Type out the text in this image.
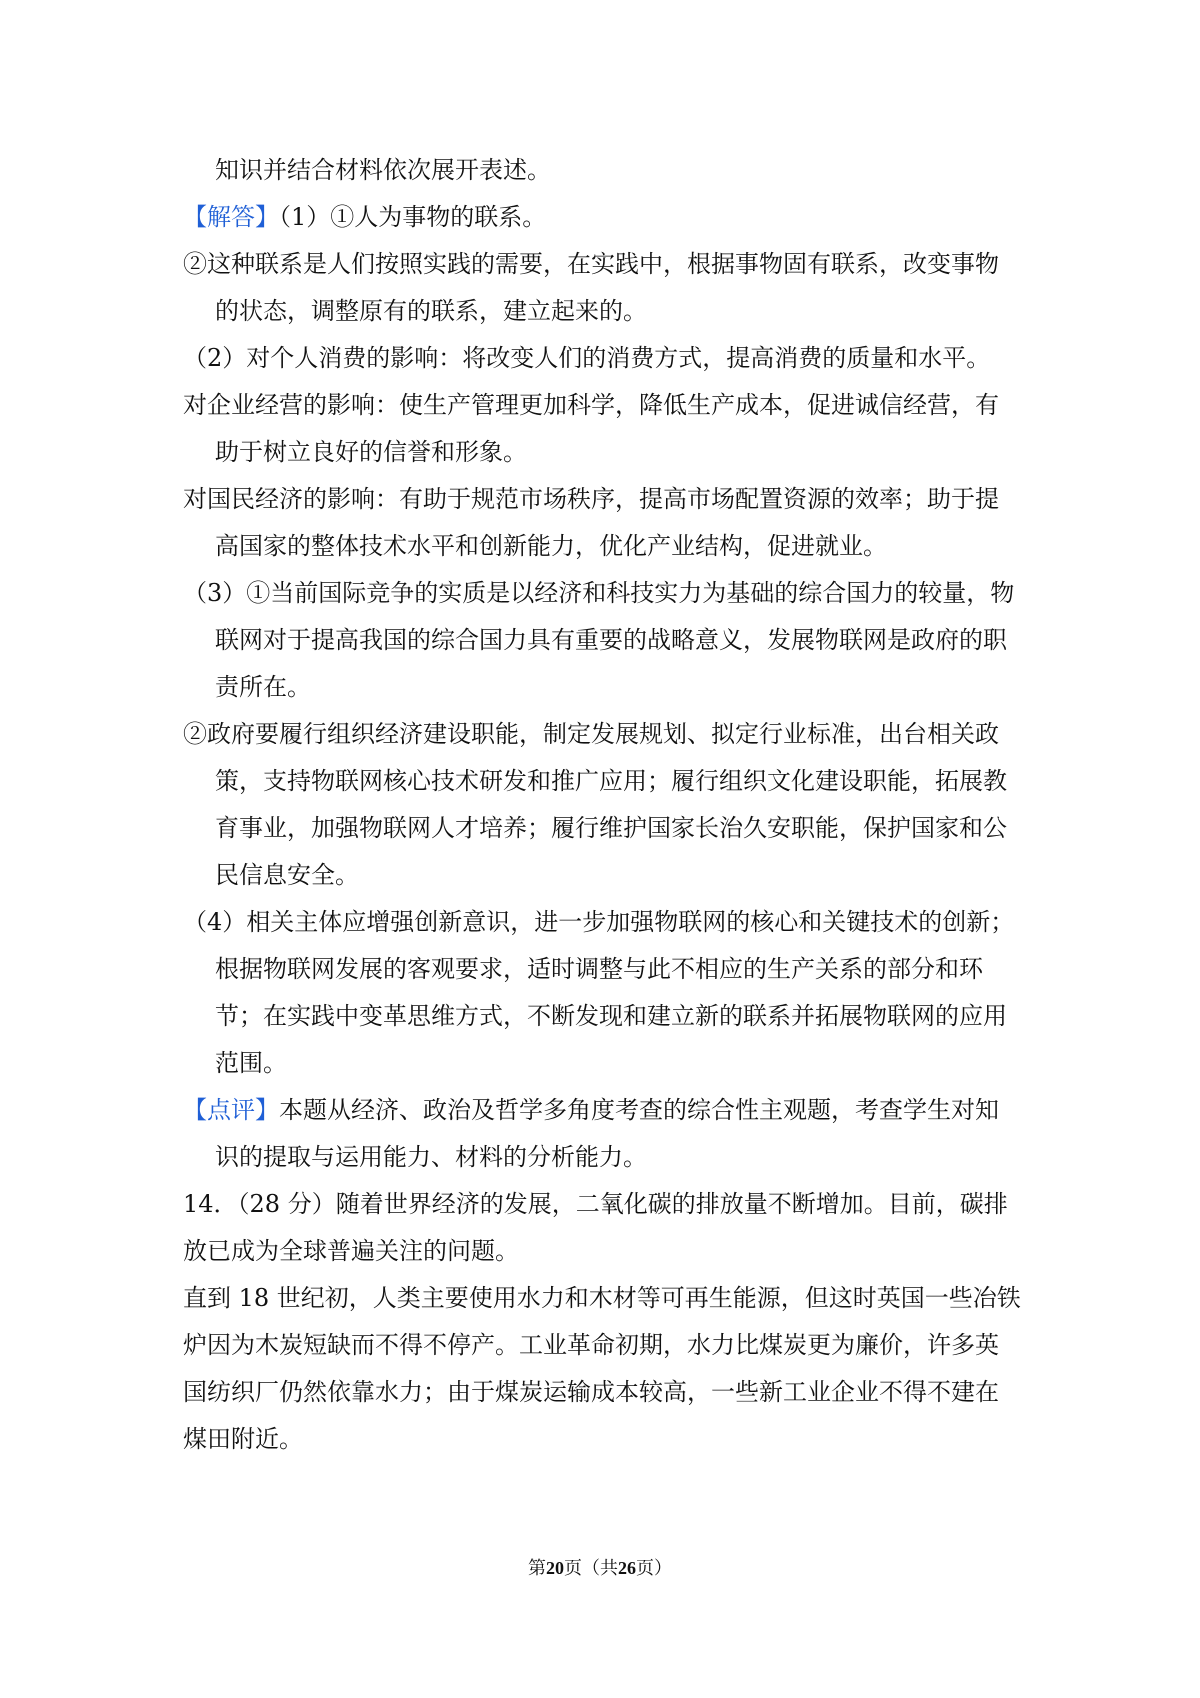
知识并结合材料依次展开表述。
【解答】（1）①人为事物的联系。
②这种联系是人们按照实践的需要，在实践中，根据事物固有联系，改变事物
的状态，调整原有的联系，建立起来的。
（2）对个人消费的影响：将改变人们的消费方式，提高消费的质量和水平。
对企业经营的影响：使生产管理更加科学，降低生产成本，促进诚信经营，有
助于树立良好的信誉和形象。
对国民经济的影响：有助于规范市场秩序，提高市场配置资源的效率；助于提
高国家的整体技术水平和创新能力，优化产业结构，促进就业。
（3）①当前国际竞争的实质是以经济和科技实力为基础的综合国力的较量，物
联网对于提高我国的综合国力具有重要的战略意义，发展物联网是政府的职
责所在。
②政府要履行组织经济建设职能，制定发展规划、拟定行业标准，出台相关政
策，支持物联网核心技术研发和推广应用；履行组织文化建设职能，拓展教
育事业，加强物联网人才培养；履行维护国家长治久安职能，保护国家和公
民信息安全。
（4）相关主体应增强创新意识，进一步加强物联网的核心和关键技术的创新；
根据物联网发展的客观要求，适时调整与此不相应的生产关系的部分和环
节；在实践中变革思维方式，不断发现和建立新的联系并拓展物联网的应用
范围。
【点评】本题从经济、政治及哲学多角度考查的综合性主观题，考查学生对知
识的提取与运用能力、材料的分析能力。
14．（28 分）随着世界经济的发展，二氧化碳的排放量不断增加。目前，碳排
放已成为全球普遍关注的问题。
直到 18 世纪初，人类主要使用水力和木材等可再生能源，但这时英国一些冶铁
炉因为木炭短缺而不得不停产。工业革命初期，水力比煤炭更为廉价，许多英
国纺织厂仍然依靠水力；由于煤炭运输成本较高，一些新工业企业不得不建在
煤田附近。
第20页（共26页）
